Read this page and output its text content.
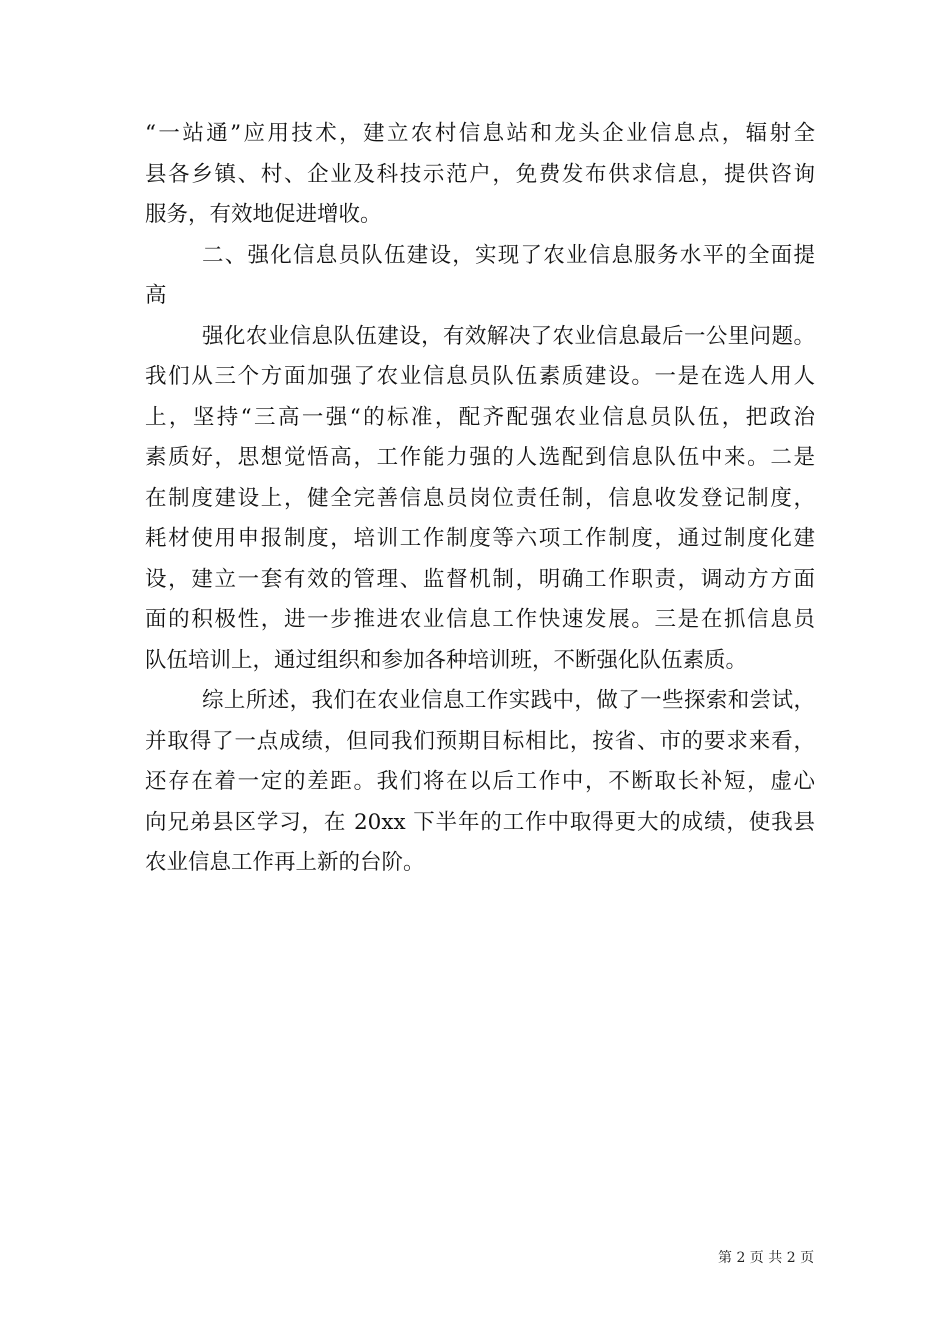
“一站通”应用技术，建立农村信息站和龙头企业信息点，辐射全
县各乡镇、村、企业及科技示范户，免费发布供求信息，提供咨询
服务，有效地促进增收。

二、强化信息员队伍建设，实现了农业信息服务水平的全面提
高

强化农业信息队伍建设，有效解决了农业信息最后一公里问题。
我们从三个方面加强了农业信息员队伍素质建设。一是在选人用人
上，坚持“三高一强“的标准，配齐配强农业信息员队伍，把政治
素质好，思想觉悟高，工作能力强的人选配到信息队伍中来。二是
在制度建设上，健全完善信息员岗位责任制，信息收发登记制度，
耗材使用申报制度，培训工作制度等六项工作制度，通过制度化建
设，建立一套有效的管理、监督机制，明确工作职责，调动方方面
面的积极性，进一步推进农业信息工作快速发展。三是在抓信息员
队伍培训上，通过组织和参加各种培训班，不断强化队伍素质。

综上所述，我们在农业信息工作实践中，做了一些探索和尝试，
并取得了一点成绩，但同我们预期目标相比，按省、市的要求来看，
还存在着一定的差距。我们将在以后工作中，不断取长补短，虚心
向兄弟县区学习，在 20xx 下半年的工作中取得更大的成绩，使我县
农业信息工作再上新的台阶。

第 2 页 共 2 页
